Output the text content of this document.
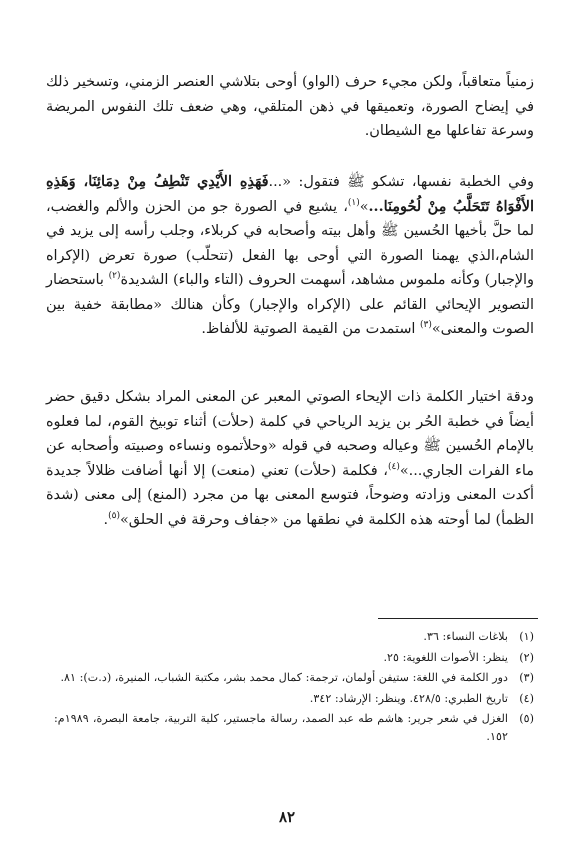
زمنياً متعاقباً، ولكن مجيء حرف (الواو) أوحى بتلاشي العنصر الزمني، وتسخير ذلك في إيضاح الصورة، وتعميقها في ذهن المتلقي، وهي ضعف تلك النفوس المريضة وسرعة تفاعلها مع الشيطان.

وفي الخطبة نفسها، تشكو ﷺ فتقول: «...فَهَذِهِ الأَيْدِي تَنْطِفُ مِنْ دِمَائِنَا، وَهَذِهِ الأَفْوَاهُ تَتَحَلَّبُ مِنْ لُحُومِنَا...»$^{(١)}$، يشيع في الصورة جو من الحزن والألم والغضب، لما حلَّ بأخيها الحُسين ﷺ وأهل بيته وأصحابه في كربلاء، وجلب رأسه إلى يزيد في الشام،الذي يهمنا الصورة التي أوحى بها الفعل (تتحلّب) صورة تعرض (الإكراه والإجبار) وكأنه ملموس مشاهد، أسهمت الحروف (التاء والباء) الشديدة$^{(٢)}$ باستحضار التصوير الإيحائي القائم على (الإكراه والإجبار) وكأن هنالك «مطابقة خفية بين الصوت والمعنى»$^{(٣)}$ استمدت من القيمة الصوتية للألفاظ.

ودقة اختيار الكلمة ذات الإيحاء الصوتي المعبر عن المعنى المراد بشكل دقيق حضر أيضاً في خطبة الحُر بن يزيد الرياحي في كلمة (حلأت) أثناء توبيخ القوم، لما فعلوه بالإمام الحُسين ﷺ وعياله وصحبه في قوله «وحلأتموه ونساءه وصبيته وأصحابه عن ماء الفرات الجاري...»$^{(٤)}$، فكلمة (حلأت) تعني (منعت) إلا أنها أضافت ظلالاً جديدة أكدت المعنى وزادته وضوحاً، فتوسع المعنى بها من مجرد (المنع) إلى معنى (شدة الظمأ) لما أوحته هذه الكلمة في نطقها من «جفاف وحرقة في الحلق»$^{(٥)}$.

(١)
بلاغات النساء: ٣٦.
(٢)
ينظر: الأصوات اللغوية: ٢٥.
(٣)
دور الكلمة في اللغة: ستيفن أولمان، ترجمة: كمال محمد بشر، مكتبة الشباب، المنيرة، (د.ت): ٨١.
(٤)
تاريخ الطبري: ٤٢٨/٥. وينظر: الإرشاد: ٣٤٢.
(٥)
الغزل في شعر جرير: هاشم طه عبد الصمد، رسالة ماجستير، كلية التربية، جامعة البصرة، ١٩٨٩م: ١٥٢.
٨٢
